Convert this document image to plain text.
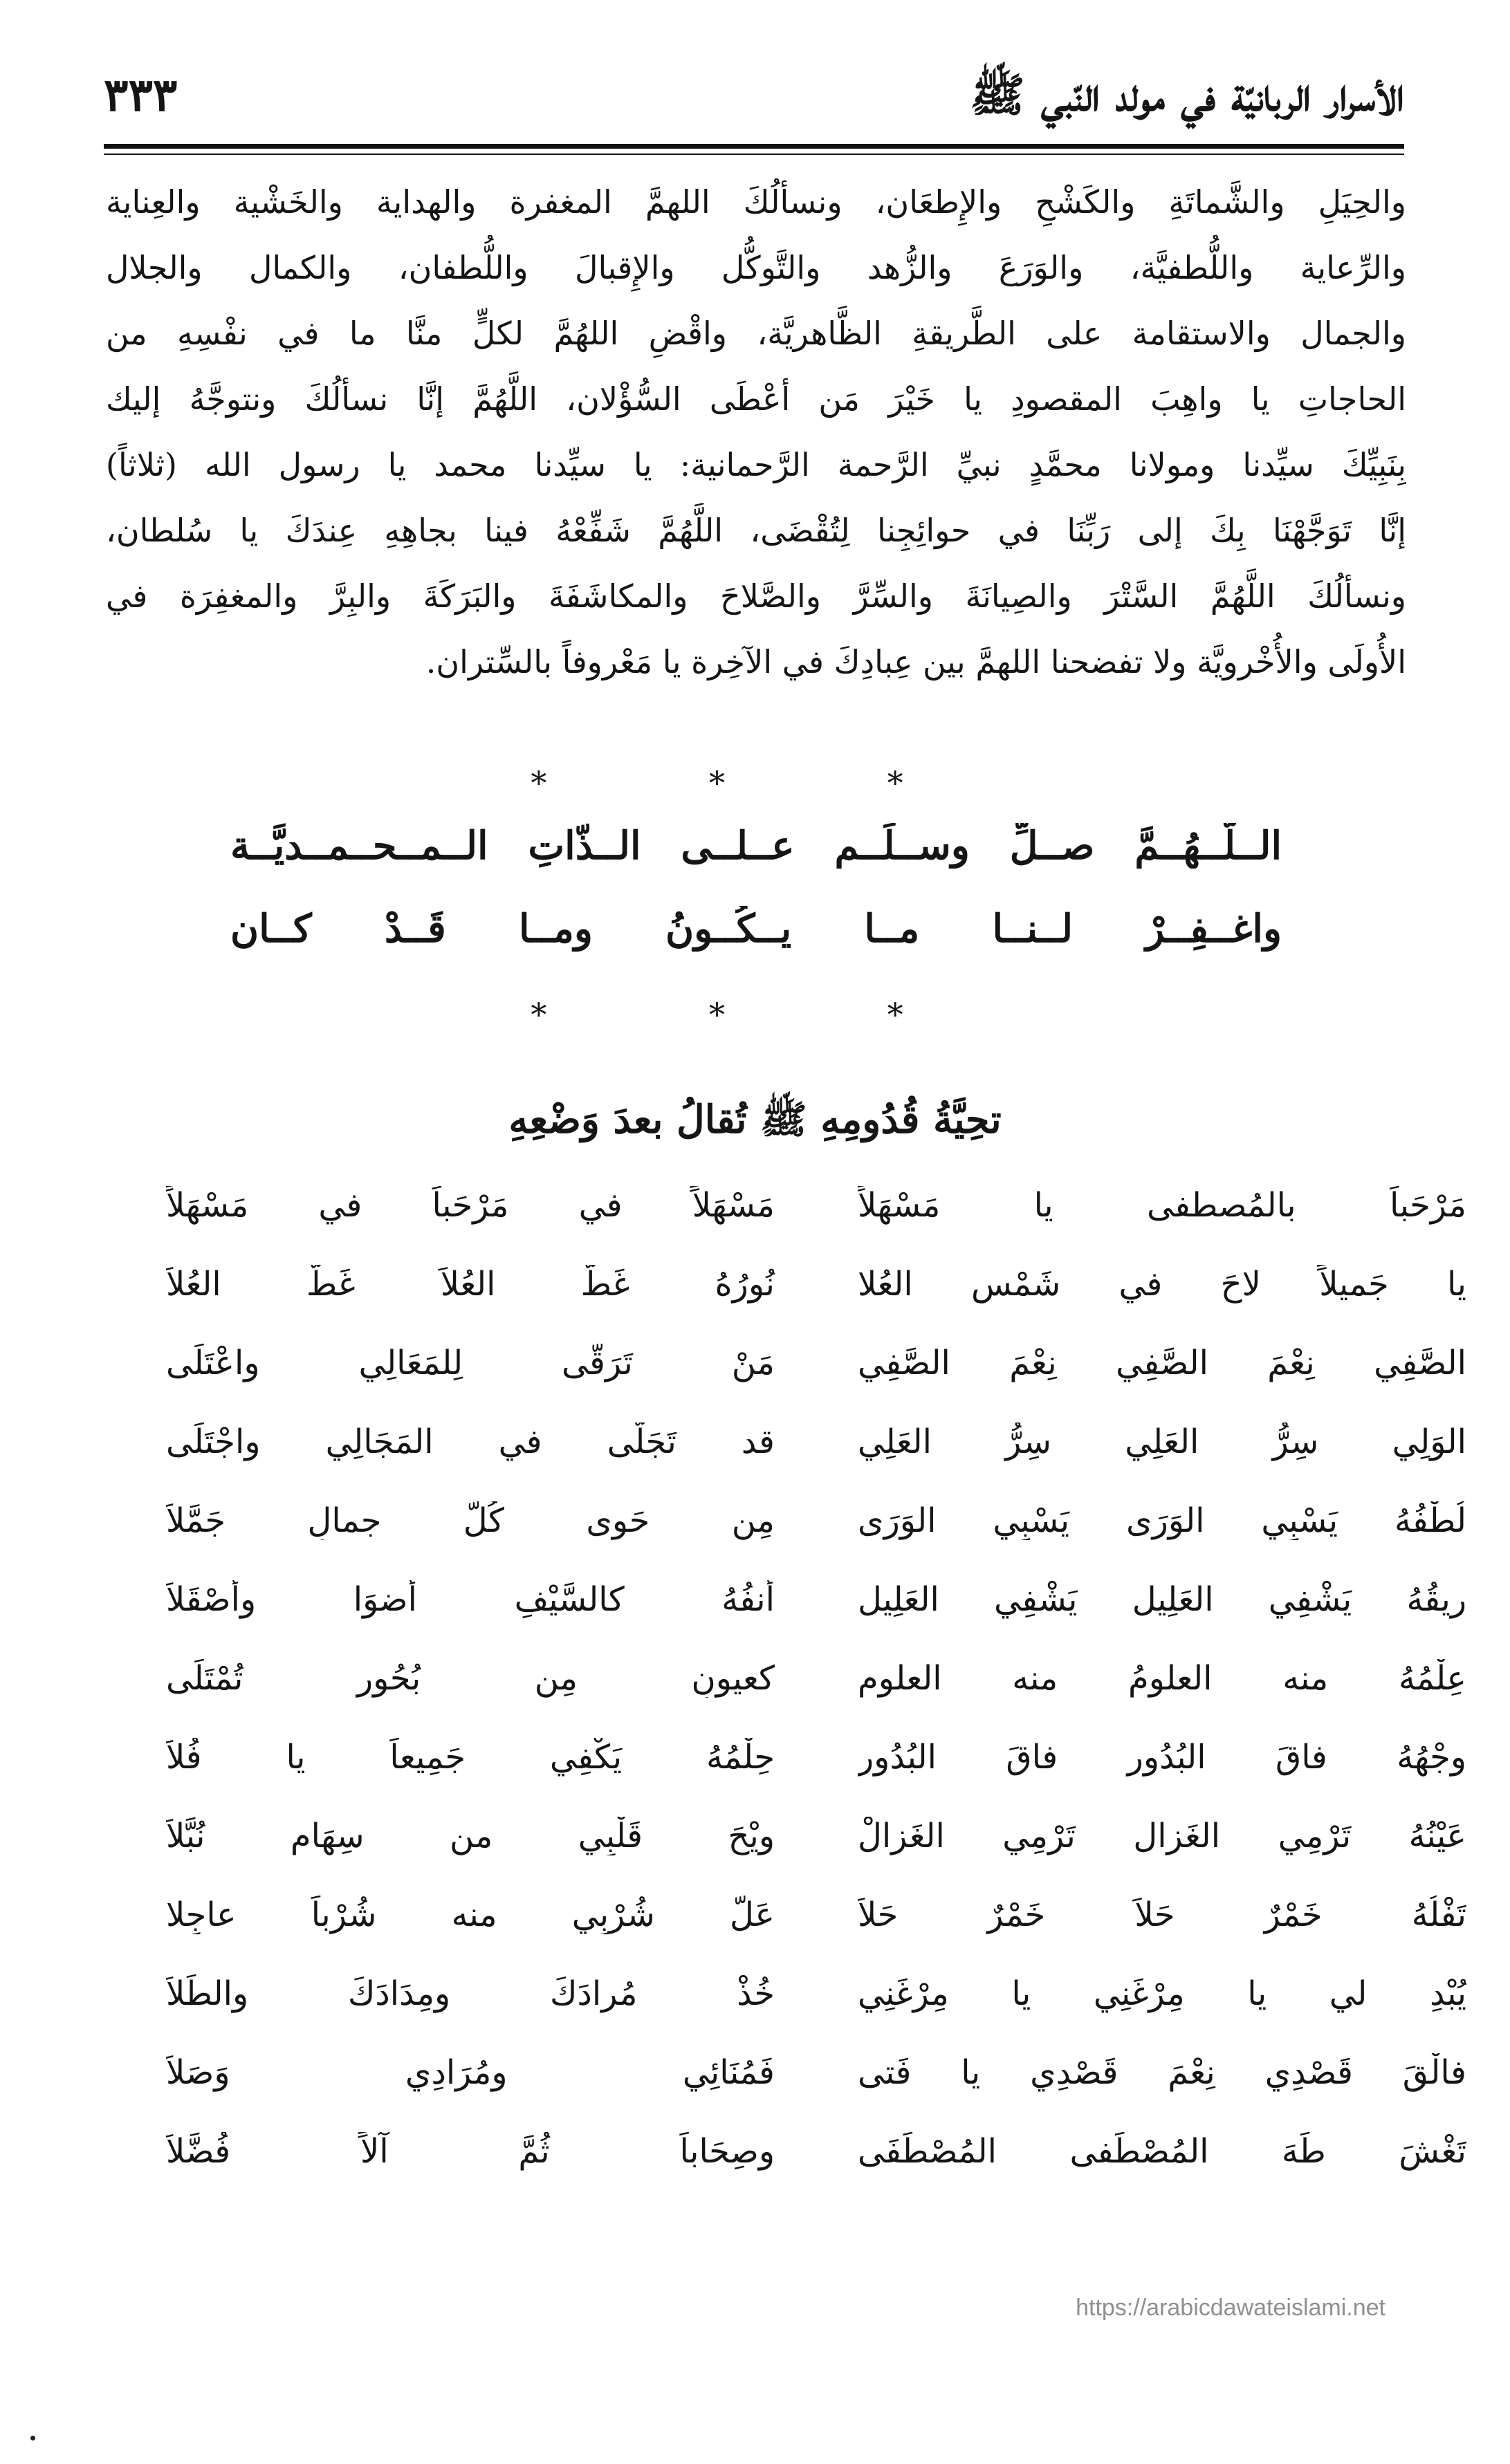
الأسرار الربانيّة في مولد النّبي ﷺ
٣٣٣
والحِيَلِ والشَّماتَةِ والكَشْحِ والإِطعَان، ونسألُكَ اللهمَّ المغفرة والهداية والخَشْية والعِناية
والرِّعاية واللُّطفيَّة، والوَرَعَ والزُّهد والتَّوكُّل والإِقبالَ واللُّطفان، والكمال والجلال
والجمال والاستقامة على الطَّريقةِ الظَّاهريَّة، واقْضِ اللهُمَّ لكلٍّ منَّا ما في نفْسِهِ من
الحاجاتِ يا واهِبَ المقصودِ يا خَيْرَ مَن أعْطَى السُّؤْلان، اللَّهُمَّ إنَّا نسألُكَ ونتوجَّهُ إليك
بِنَبِيِّكَ سيِّدنا ومولانا محمَّدٍ نبيِّ الرَّحمة الرَّحمانية: يا سيِّدنا محمد يا رسول الله (ثلاثاً)
إنَّا تَوَجَّهْنَا بِكَ إلى رَبِّنَا في حوائِجِنا لِتُقْضَى، اللَّهُمَّ شَفِّعْهُ فينا بجاهِهِ عِندَكَ يا سُلطان،
ونسألُكَ اللَّهُمَّ السَّتْرَ والصِيانَةَ والسِّرَّ والصَّلاحَ والمكاشَفَةَ والبَرَكَةَ والبِرَّ والمغفِرَة في
الأُولَى والأُخْرويَّة ولا تفضحنا اللهمَّ بين عِبادِكَ في الآخِرة يا مَعْروفاً بالسِّتران.
* * *
الــلّــهُــمَّ صــلِّ وســلِّــم عــلــى الــذّاتِ الــمــحــمــديَّــة
واغــفِــرْ لــنــا مــا يــكُــونُ ومــا قَــدْ كــان
* * *
تحِيَّةُ قُدُومِهِ ﷺ تُقالُ بعدَ وَضْعِهِ
مَرْحَباً بالمُصطفى يا مَسْهَلاً
مَسْهَلاً في مَرْحَباً في مَسْهَلاً
يا جَميلاً لاحَ في شَمْسِ العُلا
نُورُهُ غَطَّ العُلاَ غَطَّ العُلاَ
الصَّفِي نِعْمَ الصَّفِي نِعْمَ الصَّفِي
مَنْ تَرَقَّى لِلمَعَالِي واعْتَلَى
الوَلِي سِرُّ العَلِي سِرُّ العَلِي
قد تَجَلَّى في المَجَالِي واجْتَلَى
لُطْفُهُ يَسْبِي الوَرَى يَسْبِي الوَرَى
مِن حَوى كُلَّ جمالٍ جَمَّلاَ
رِيقُهُ يَشْفِي العَلِيل يَشْفِي العَلِيل
أنفُهُ كالسَّيْفِ أضوَا وأصْقَلاَ
عِلْمُهُ منه العلومُ منه العلوم
كعيونٍ مِن بُحُورٍ تُمْتَلَى
وجْهُهُ فاقَ البُدُور فاقَ البُدُور
حِلْمُهُ يَكْفِي جَمِيعاً يا فُلاَ
عَيْنُهُ تَرْمِي الغَزال تَرْمِي الغَزالْ
ويْحَ قَلْبِي من سِهَامٍ نُبَّلاَ
تَفْلُهُ خَمْرٌ حَلاَ خَمْرٌ حَلاَ
عَلَّ شُرْبِي منه شُرْباً عاجِلا
يُبْدِ لي يا مِرْغَنِي يا مِرْغَنِي
خُذْ مُرادَكَ ومِدَادَكَ والطِّلاَ
فالْقَ قَصْدِي نِعْمَ قَصْدِي يا فَتى
فَمُنَائِي ومُرَادِي وَصَلاَ
تَغْشَ طَهَ المُصْطَفى المُصْطَفَى
وصِحَاباً ثُمَّ آلاً فُضَّلاَ
https://arabicdawateislami.net
